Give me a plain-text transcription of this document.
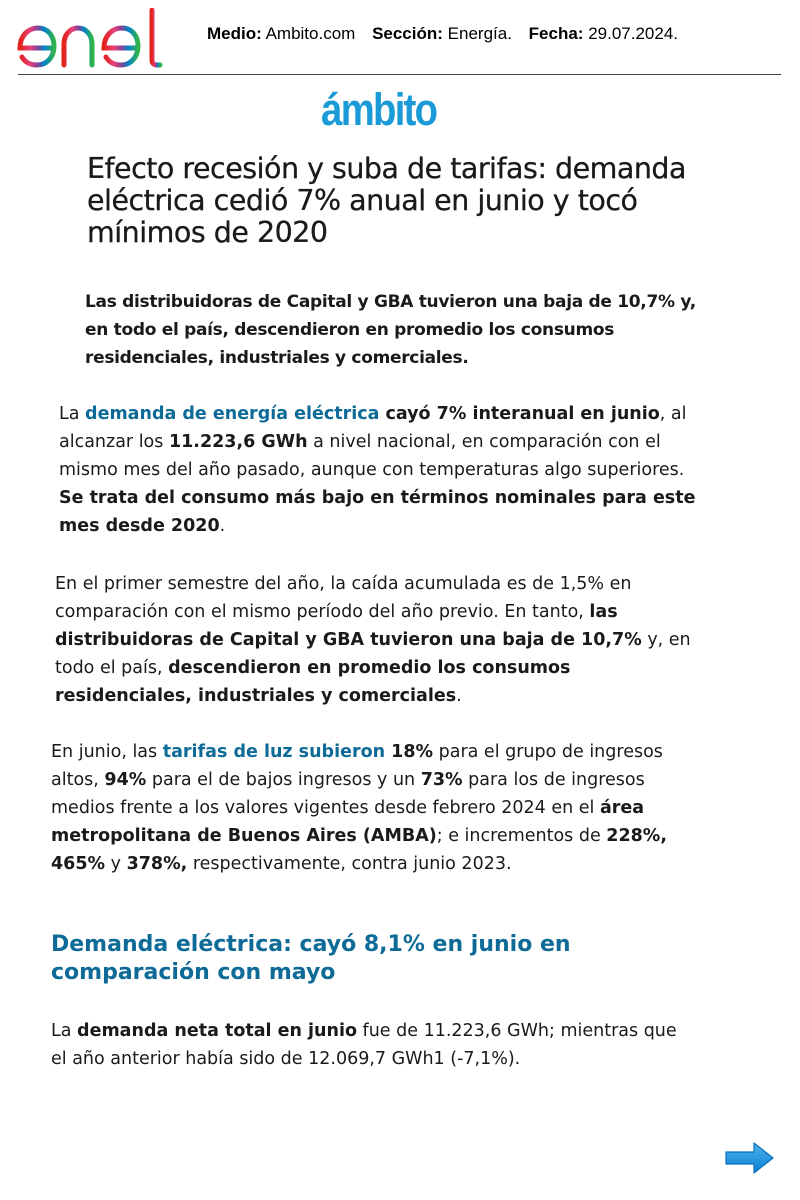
Medio: Ambito.com Sección: Energía. Fecha: 29.07.2024.
ámbito
Efecto recesión y suba de tarifas: demanda eléctrica cedió 7% anual en junio y tocó mínimos de 2020

Las distribuidoras de Capital y GBA tuvieron una baja de 10,7% y, en todo el país, descendieron en promedio los consumos residenciales, industriales y comerciales.

La demanda de energía eléctrica cayó 7% interanual en junio, al alcanzar los 11.223,6 GWh a nivel nacional, en comparación con el mismo mes del año pasado, aunque con temperaturas algo superiores. Se trata del consumo más bajo en términos nominales para este mes desde 2020.

En el primer semestre del año, la caída acumulada es de 1,5% en comparación con el mismo período del año previo. En tanto, las distribuidoras de Capital y GBA tuvieron una baja de 10,7% y, en todo el país, descendieron en promedio los consumos residenciales, industriales y comerciales.

En junio, las tarifas de luz subieron 18% para el grupo de ingresos altos, 94% para el de bajos ingresos y un 73% para los de ingresos medios frente a los valores vigentes desde febrero 2024 en el área metropolitana de Buenos Aires (AMBA); e incrementos de 228%, 465% y 378%, respectivamente, contra junio 2023.

Demanda eléctrica: cayó 8,1% en junio en comparación con mayo

La demanda neta total en junio fue de 11.223,6 GWh; mientras que el año anterior había sido de 12.069,7 GWh1 (-7,1%).
